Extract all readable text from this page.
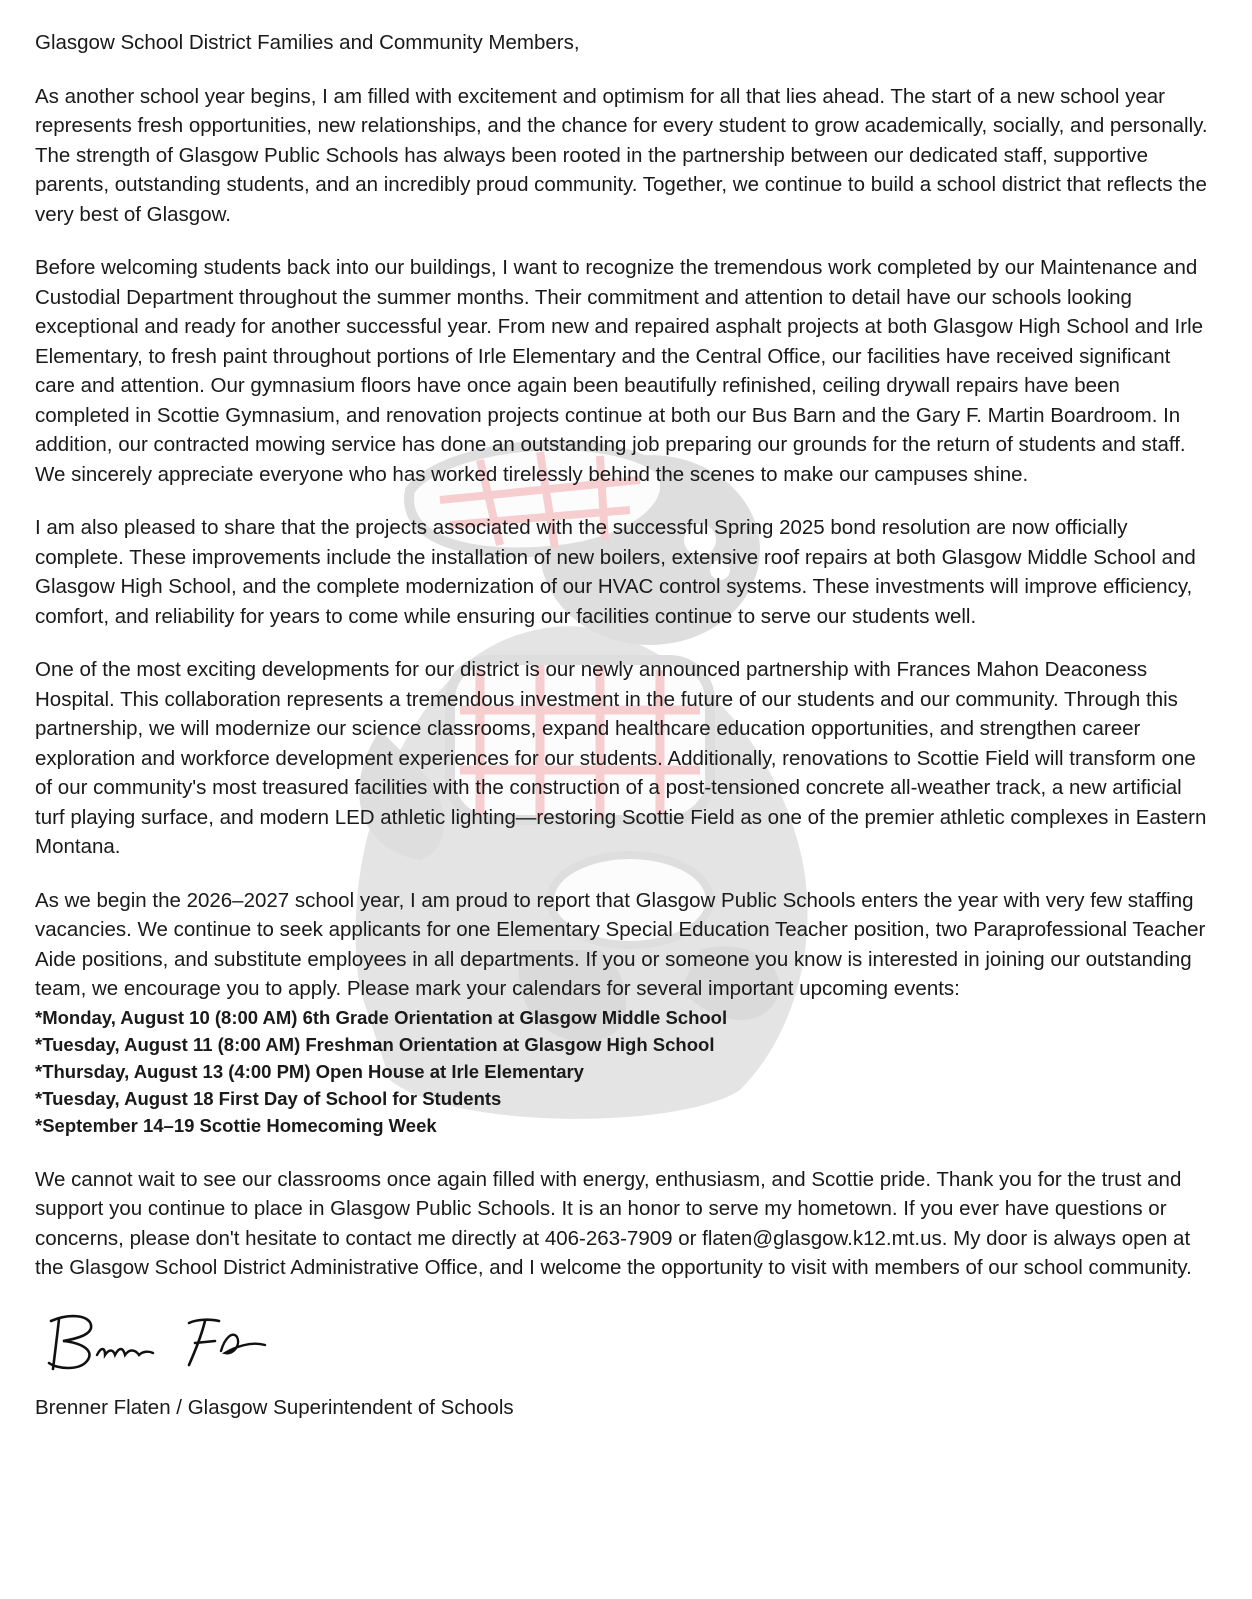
Glasgow School District Families and Community Members,

As another school year begins, I am filled with excitement and optimism for all that lies ahead. The start of a new school year represents fresh opportunities, new relationships, and the chance for every student to grow academically, socially, and personally. The strength of Glasgow Public Schools has always been rooted in the partnership between our dedicated staff, supportive parents, outstanding students, and an incredibly proud community. Together, we continue to build a school district that reflects the very best of Glasgow.

Before welcoming students back into our buildings, I want to recognize the tremendous work completed by our Maintenance and Custodial Department throughout the summer months. Their commitment and attention to detail have our schools looking exceptional and ready for another successful year. From new and repaired asphalt projects at both Glasgow High School and Irle Elementary, to fresh paint throughout portions of Irle Elementary and the Central Office, our facilities have received significant care and attention. Our gymnasium floors have once again been beautifully refinished, ceiling drywall repairs have been completed in Scottie Gymnasium, and renovation projects continue at both our Bus Barn and the Gary F. Martin Boardroom. In addition, our contracted mowing service has done an outstanding job preparing our grounds for the return of students and staff. We sincerely appreciate everyone who has worked tirelessly behind the scenes to make our campuses shine.

I am also pleased to share that the projects associated with the successful Spring 2025 bond resolution are now officially complete. These improvements include the installation of new boilers, extensive roof repairs at both Glasgow Middle School and Glasgow High School, and the complete modernization of our HVAC control systems. These investments will improve efficiency, comfort, and reliability for years to come while ensuring our facilities continue to serve our students well.

One of the most exciting developments for our district is our newly announced partnership with Frances Mahon Deaconess Hospital. This collaboration represents a tremendous investment in the future of our students and our community. Through this partnership, we will modernize our science classrooms, expand healthcare education opportunities, and strengthen career exploration and workforce development experiences for our students. Additionally, renovations to Scottie Field will transform one of our community's most treasured facilities with the construction of a post-tensioned concrete all-weather track, a new artificial turf playing surface, and modern LED athletic lighting—restoring Scottie Field as one of the premier athletic complexes in Eastern Montana.

As we begin the 2026–2027 school year, I am proud to report that Glasgow Public Schools enters the year with very few staffing vacancies. We continue to seek applicants for one Elementary Special Education Teacher position, two Paraprofessional Teacher Aide positions, and substitute employees in all departments. If you or someone you know is interested in joining our outstanding team, we encourage you to apply. Please mark your calendars for several important upcoming events:

*Monday, August 10 (8:00 AM) 6th Grade Orientation at Glasgow Middle School
*Tuesday, August 11 (8:00 AM) Freshman Orientation at Glasgow High School
*Thursday, August 13 (4:00 PM) Open House at Irle Elementary
*Tuesday, August 18 First Day of School for Students
*September 14–19 Scottie Homecoming Week

We cannot wait to see our classrooms once again filled with energy, enthusiasm, and Scottie pride. Thank you for the trust and support you continue to place in Glasgow Public Schools. It is an honor to serve my hometown. If you ever have questions or concerns, please don't hesitate to contact me directly at 406-263-7909 or flaten@glasgow.k12.mt.us. My door is always open at the Glasgow School District Administrative Office, and I welcome the opportunity to visit with members of our school community.

Brenner Flaten / Glasgow Superintendent of Schools
